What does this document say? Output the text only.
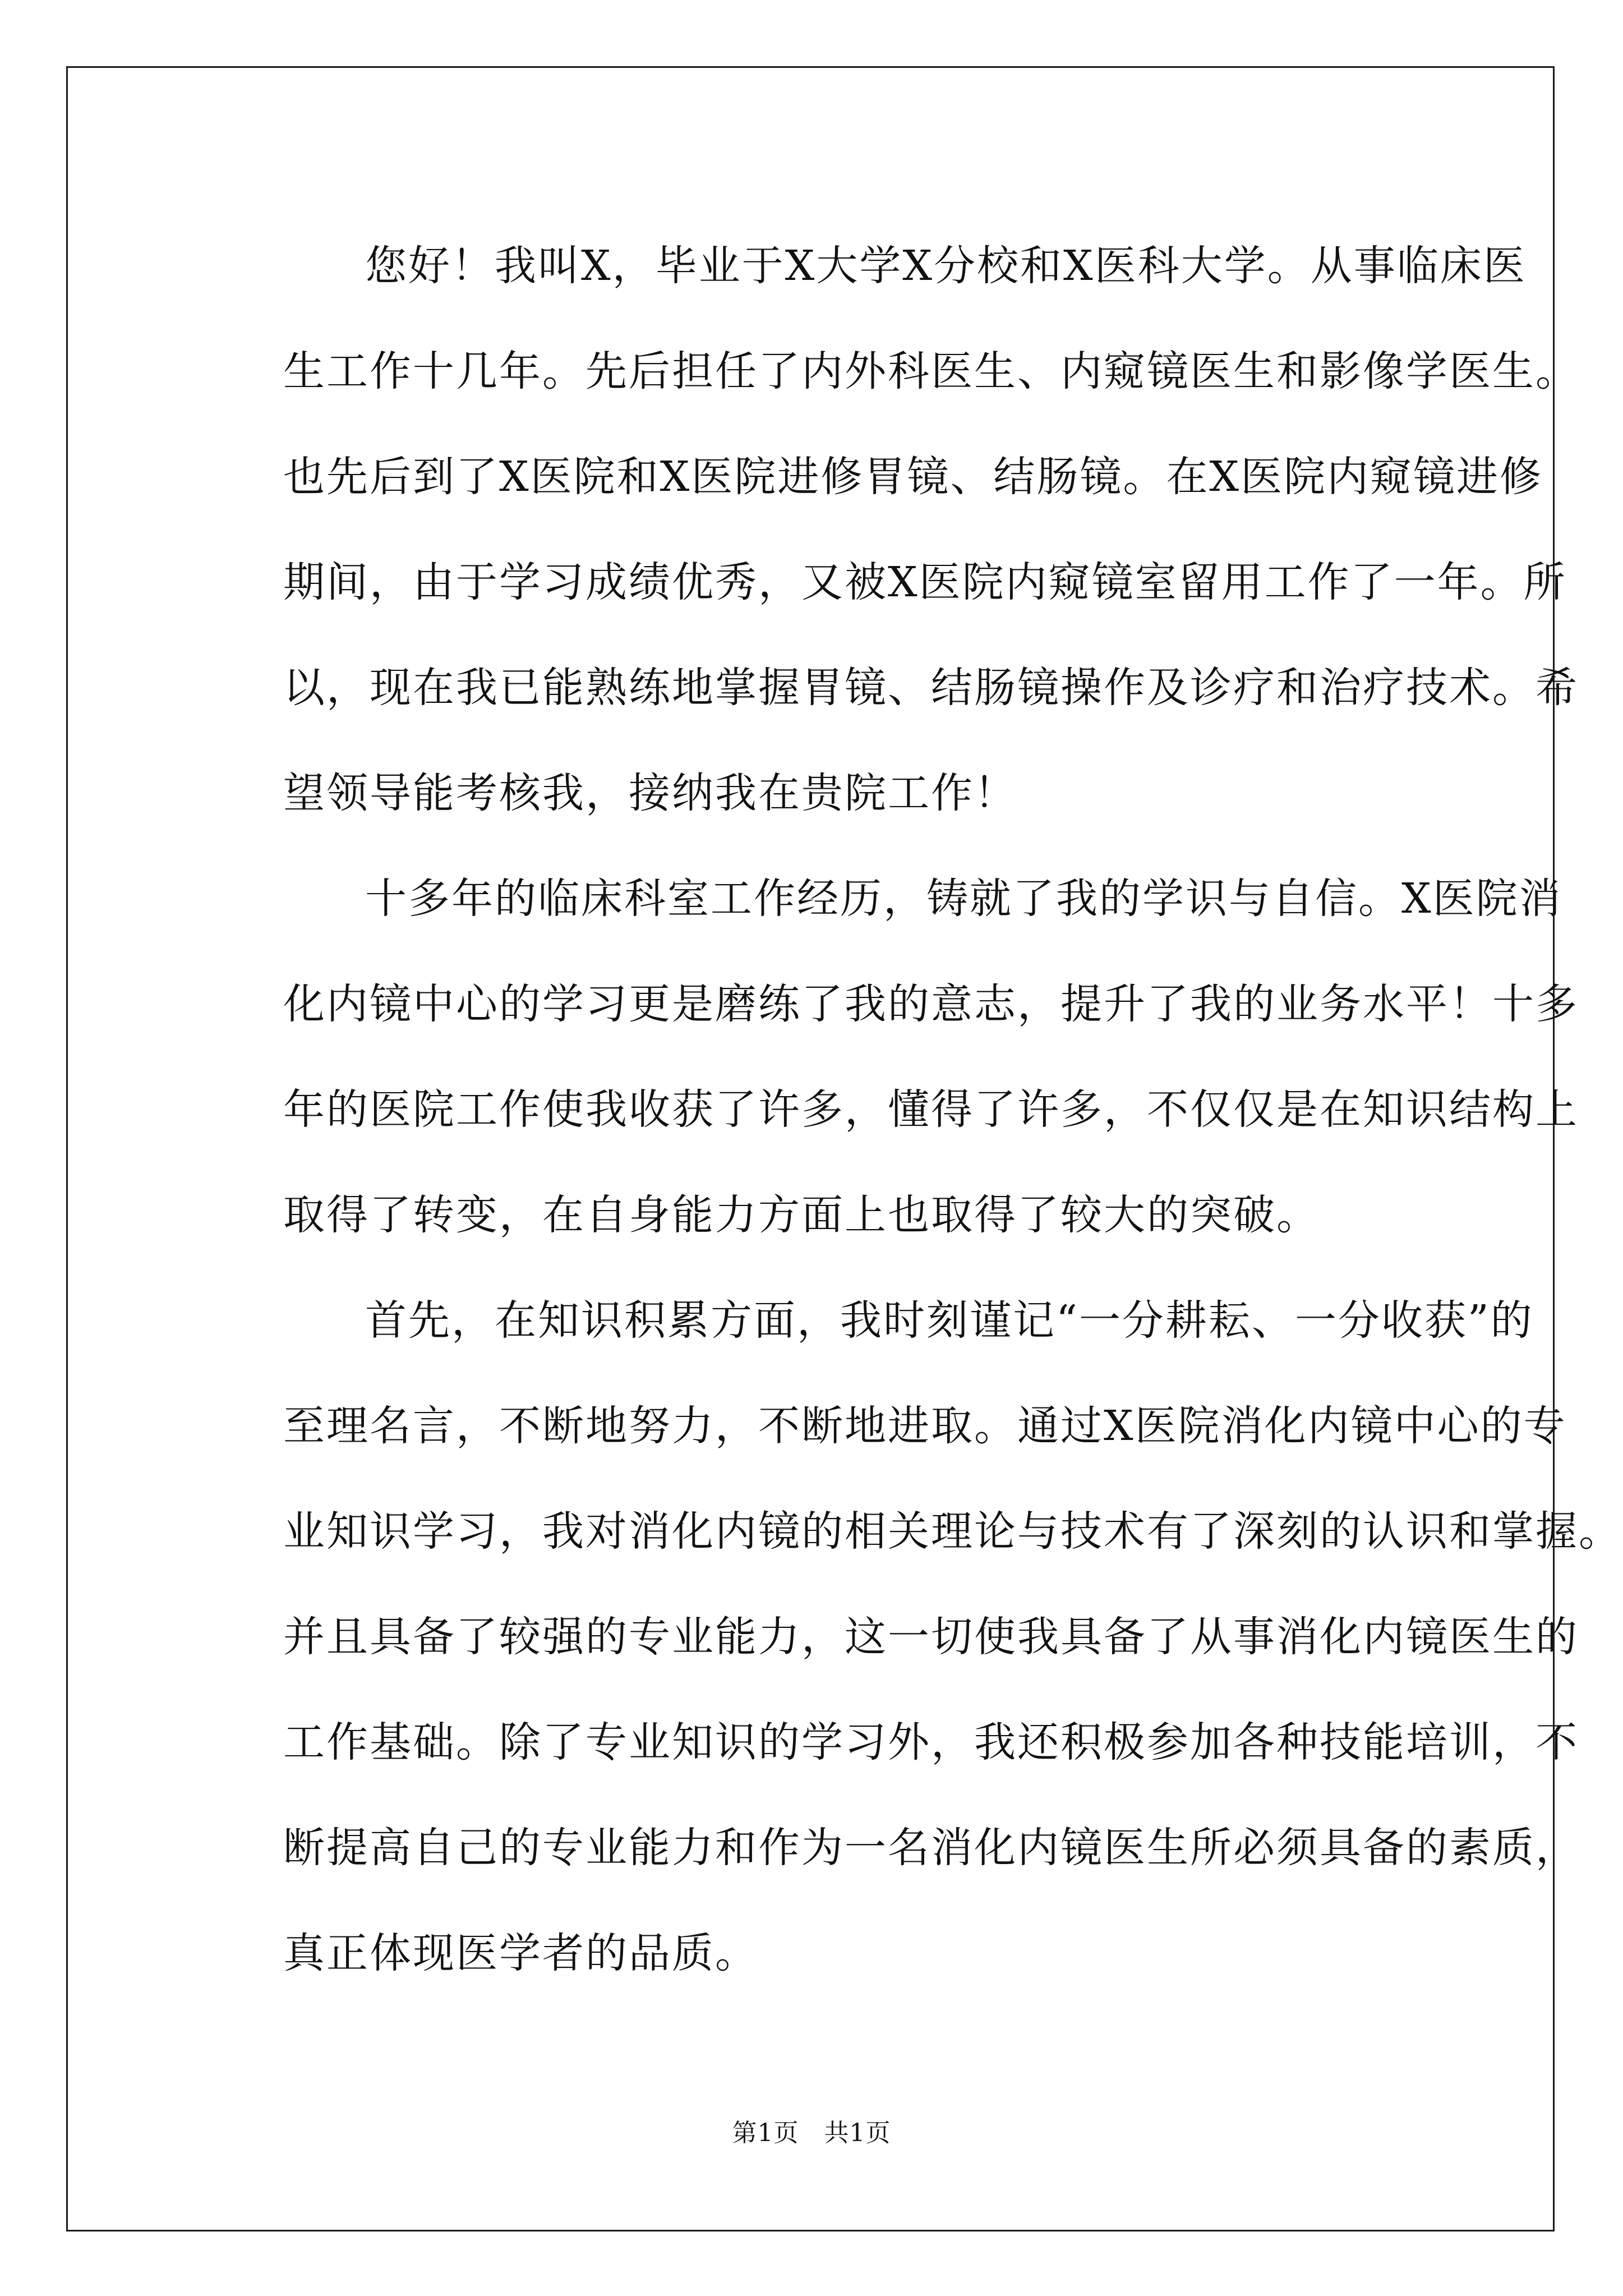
您好！我叫X，毕业于X大学X分校和X医科大学。从事临床医
生工作十几年。先后担任了内外科医生、内窥镜医生和影像学医生。
也先后到了X医院和X医院进修胃镜、结肠镜。在X医院内窥镜进修
期间，由于学习成绩优秀，又被X医院内窥镜室留用工作了一年。所
以，现在我已能熟练地掌握胃镜、结肠镜操作及诊疗和治疗技术。希
望领导能考核我，接纳我在贵院工作！
十多年的临床科室工作经历，铸就了我的学识与自信。X医院消
化内镜中心的学习更是磨练了我的意志，提升了我的业务水平！十多
年的医院工作使我收获了许多，懂得了许多，不仅仅是在知识结构上
取得了转变，在自身能力方面上也取得了较大的突破。
首先，在知识积累方面，我时刻谨记“一分耕耘、一分收获”的
至理名言，不断地努力，不断地进取。通过X医院消化内镜中心的专
业知识学习，我对消化内镜的相关理论与技术有了深刻的认识和掌握。
并且具备了较强的专业能力，这一切使我具备了从事消化内镜医生的
工作基础。除了专业知识的学习外，我还积极参加各种技能培训，不
断提高自己的专业能力和作为一名消化内镜医生所必须具备的素质，
真正体现医学者的品质。
第1页　共1页
